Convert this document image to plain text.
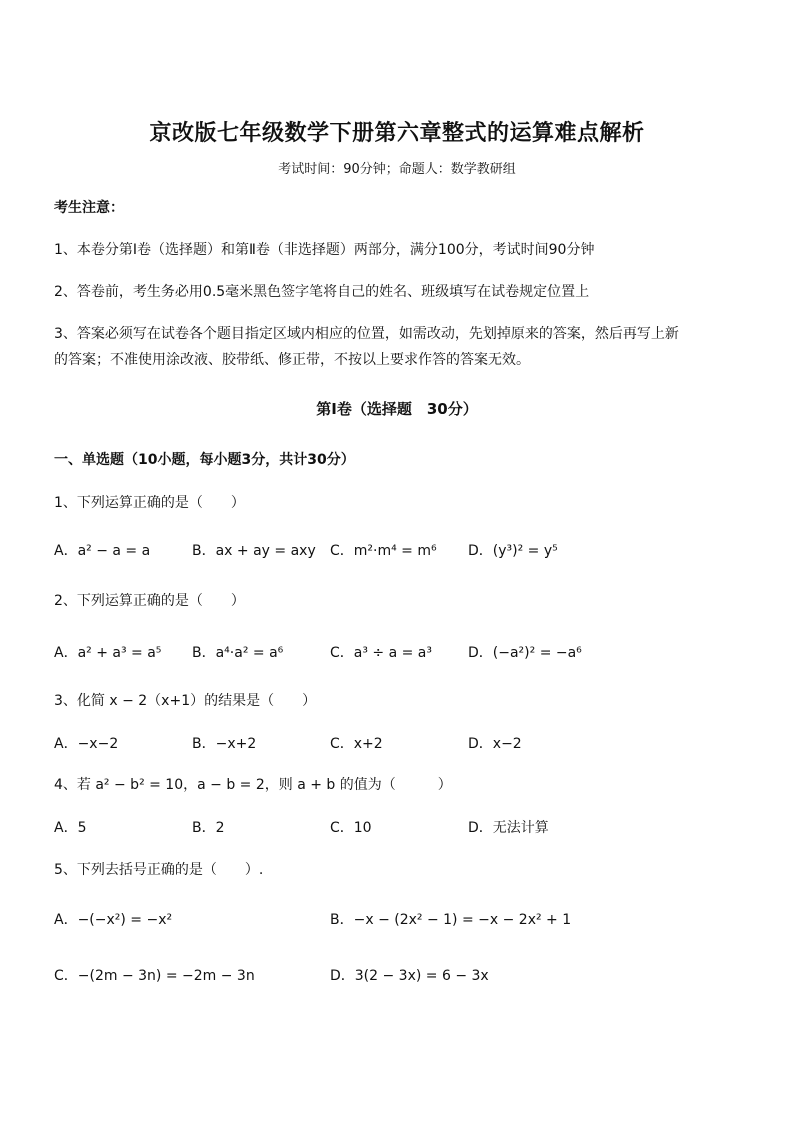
京改版七年级数学下册第六章整式的运算难点解析
考试时间：90分钟；命题人：数学教研组
考生注意：
1、本卷分第Ⅰ卷（选择题）和第Ⅱ卷（非选择题）两部分，满分100分，考试时间90分钟
2、答卷前，考生务必用0.5毫米黑色签字笔将自己的姓名、班级填写在试卷规定位置上
3、答案必须写在试卷各个题目指定区域内相应的位置，如需改动，先划掉原来的答案，然后再写上新
的答案；不准使用涂改液、胶带纸、修正带，不按以上要求作答的答案无效。
第Ⅰ卷（选择题　30分）
一、单选题（10小题，每小题3分，共计30分）
1、下列运算正确的是（　　）
A．a² − a = a	B．ax + ay = axy C．m²·m⁴ = m⁶ D．(y³)² = y⁵
2、下列运算正确的是（　　）
A．a² + a³ = a⁵ B．a⁴·a² = a⁶	C．a³ ÷ a = a³	D．(−a²)² = −a⁶
3、化简 x − 2（x+1）的结果是（　　）
A．−x−2	B．−x+2	C．x+2	D．x−2
4、若 a² − b² = 10，a − b = 2，则 a + b 的值为（　　　）
A．5	B．2	C．10	D．无法计算
5、下列去括号正确的是（　　）.
A．−(−x²) = −x²	B．−x − (2x² − 1) = −x − 2x² + 1
C．−(2m − 3n) = −2m − 3n	D．3(2 − 3x) = 6 − 3x
